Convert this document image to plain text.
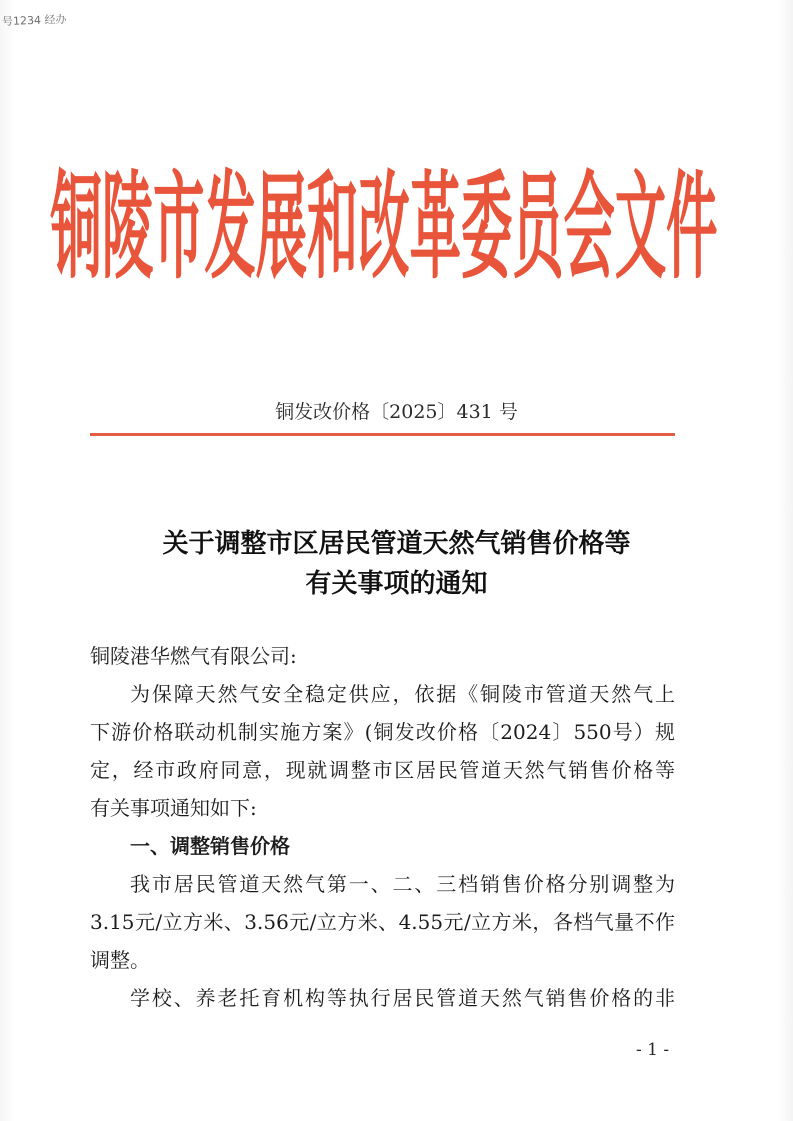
号1234 经办
铜陵市发展和改革委员会文件
铜发改价格〔2025〕431 号
关于调整市区居民管道天然气销售价格等
有关事项的通知
铜陵港华燃气有限公司:
为保障天然气安全稳定供应，依据《铜陵市管道天然气上
下游价格联动机制实施方案》(铜发改价格〔2024〕550号）规
定，经市政府同意，现就调整市区居民管道天然气销售价格等
有关事项通知如下:
一、调整销售价格
我市居民管道天然气第一、二、三档销售价格分别调整为
3.15元/立方米、3.56元/立方米、4.55元/立方米，各档气量不作
调整。
学校、养老托育机构等执行居民管道天然气销售价格的非
- 1 -
